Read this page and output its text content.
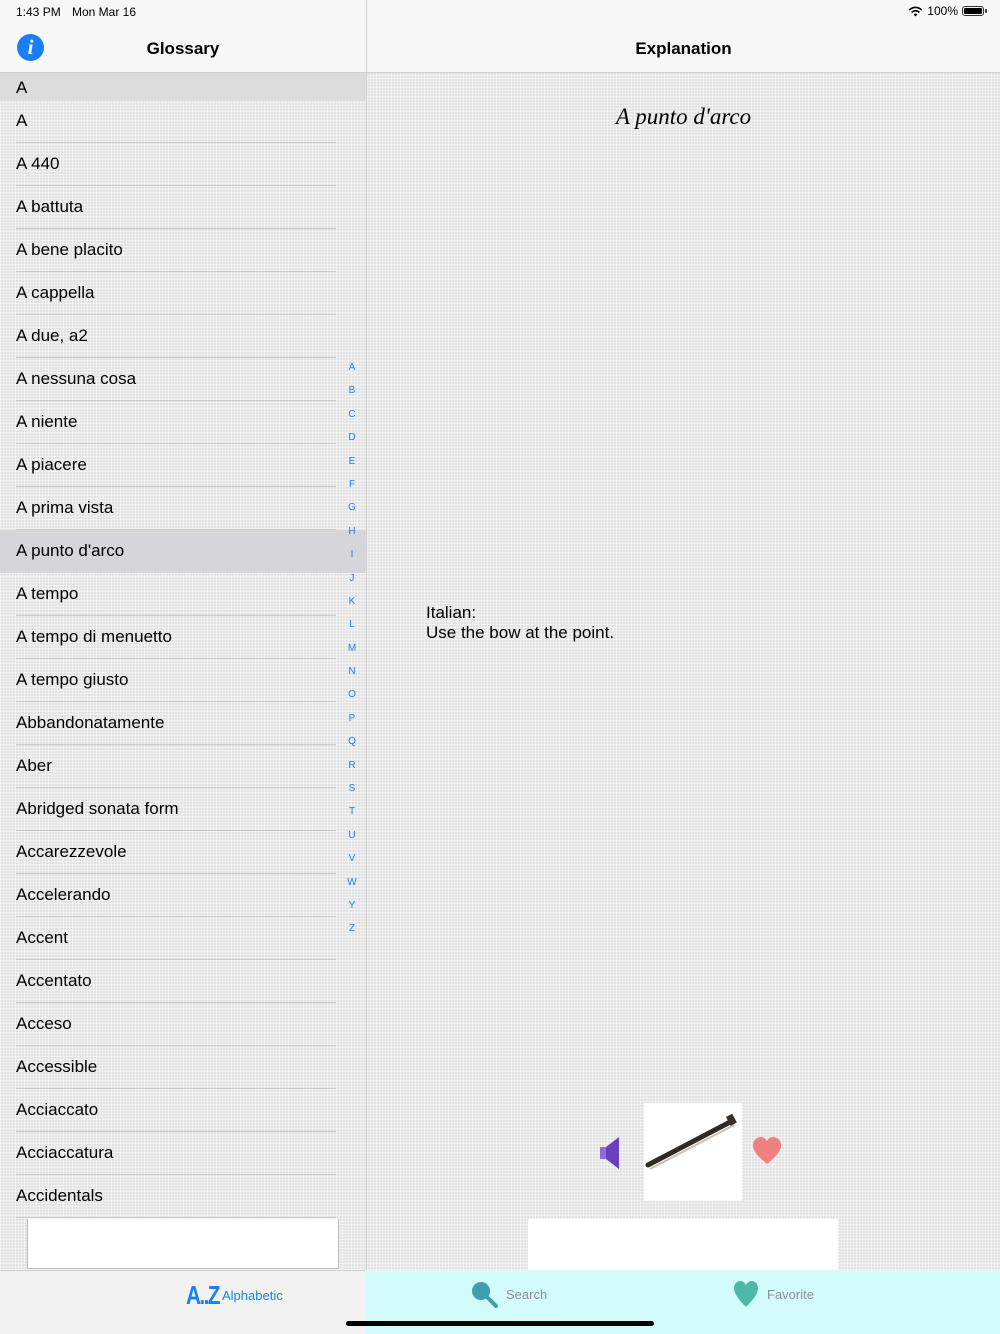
1:43 PM Mon Mar 16	100%
i	Glossary
A
A
A 440
A battuta
A bene placito
A cappella
A due, a2
A nessuna cosa
A niente
A piacere
A prima vista
A punto d'arco
A tempo
A tempo di menuetto
A tempo giusto
Abbandonatamente
Aber
Abridged sonata form
Accarezzevole
Accelerando
Accent
Accentato
Acceso
Accessible
Acciaccato
Acciaccatura
Accidentals
A
B
C
D
E
F
G
H
I
J
K
L
M
N
O
P
Q
R
S
T
U
V
W
Y
Z
Explanation
A punto d'arco
Italian:
Use the bow at the point.
A..Z Alphabetic	Search	Favorite
